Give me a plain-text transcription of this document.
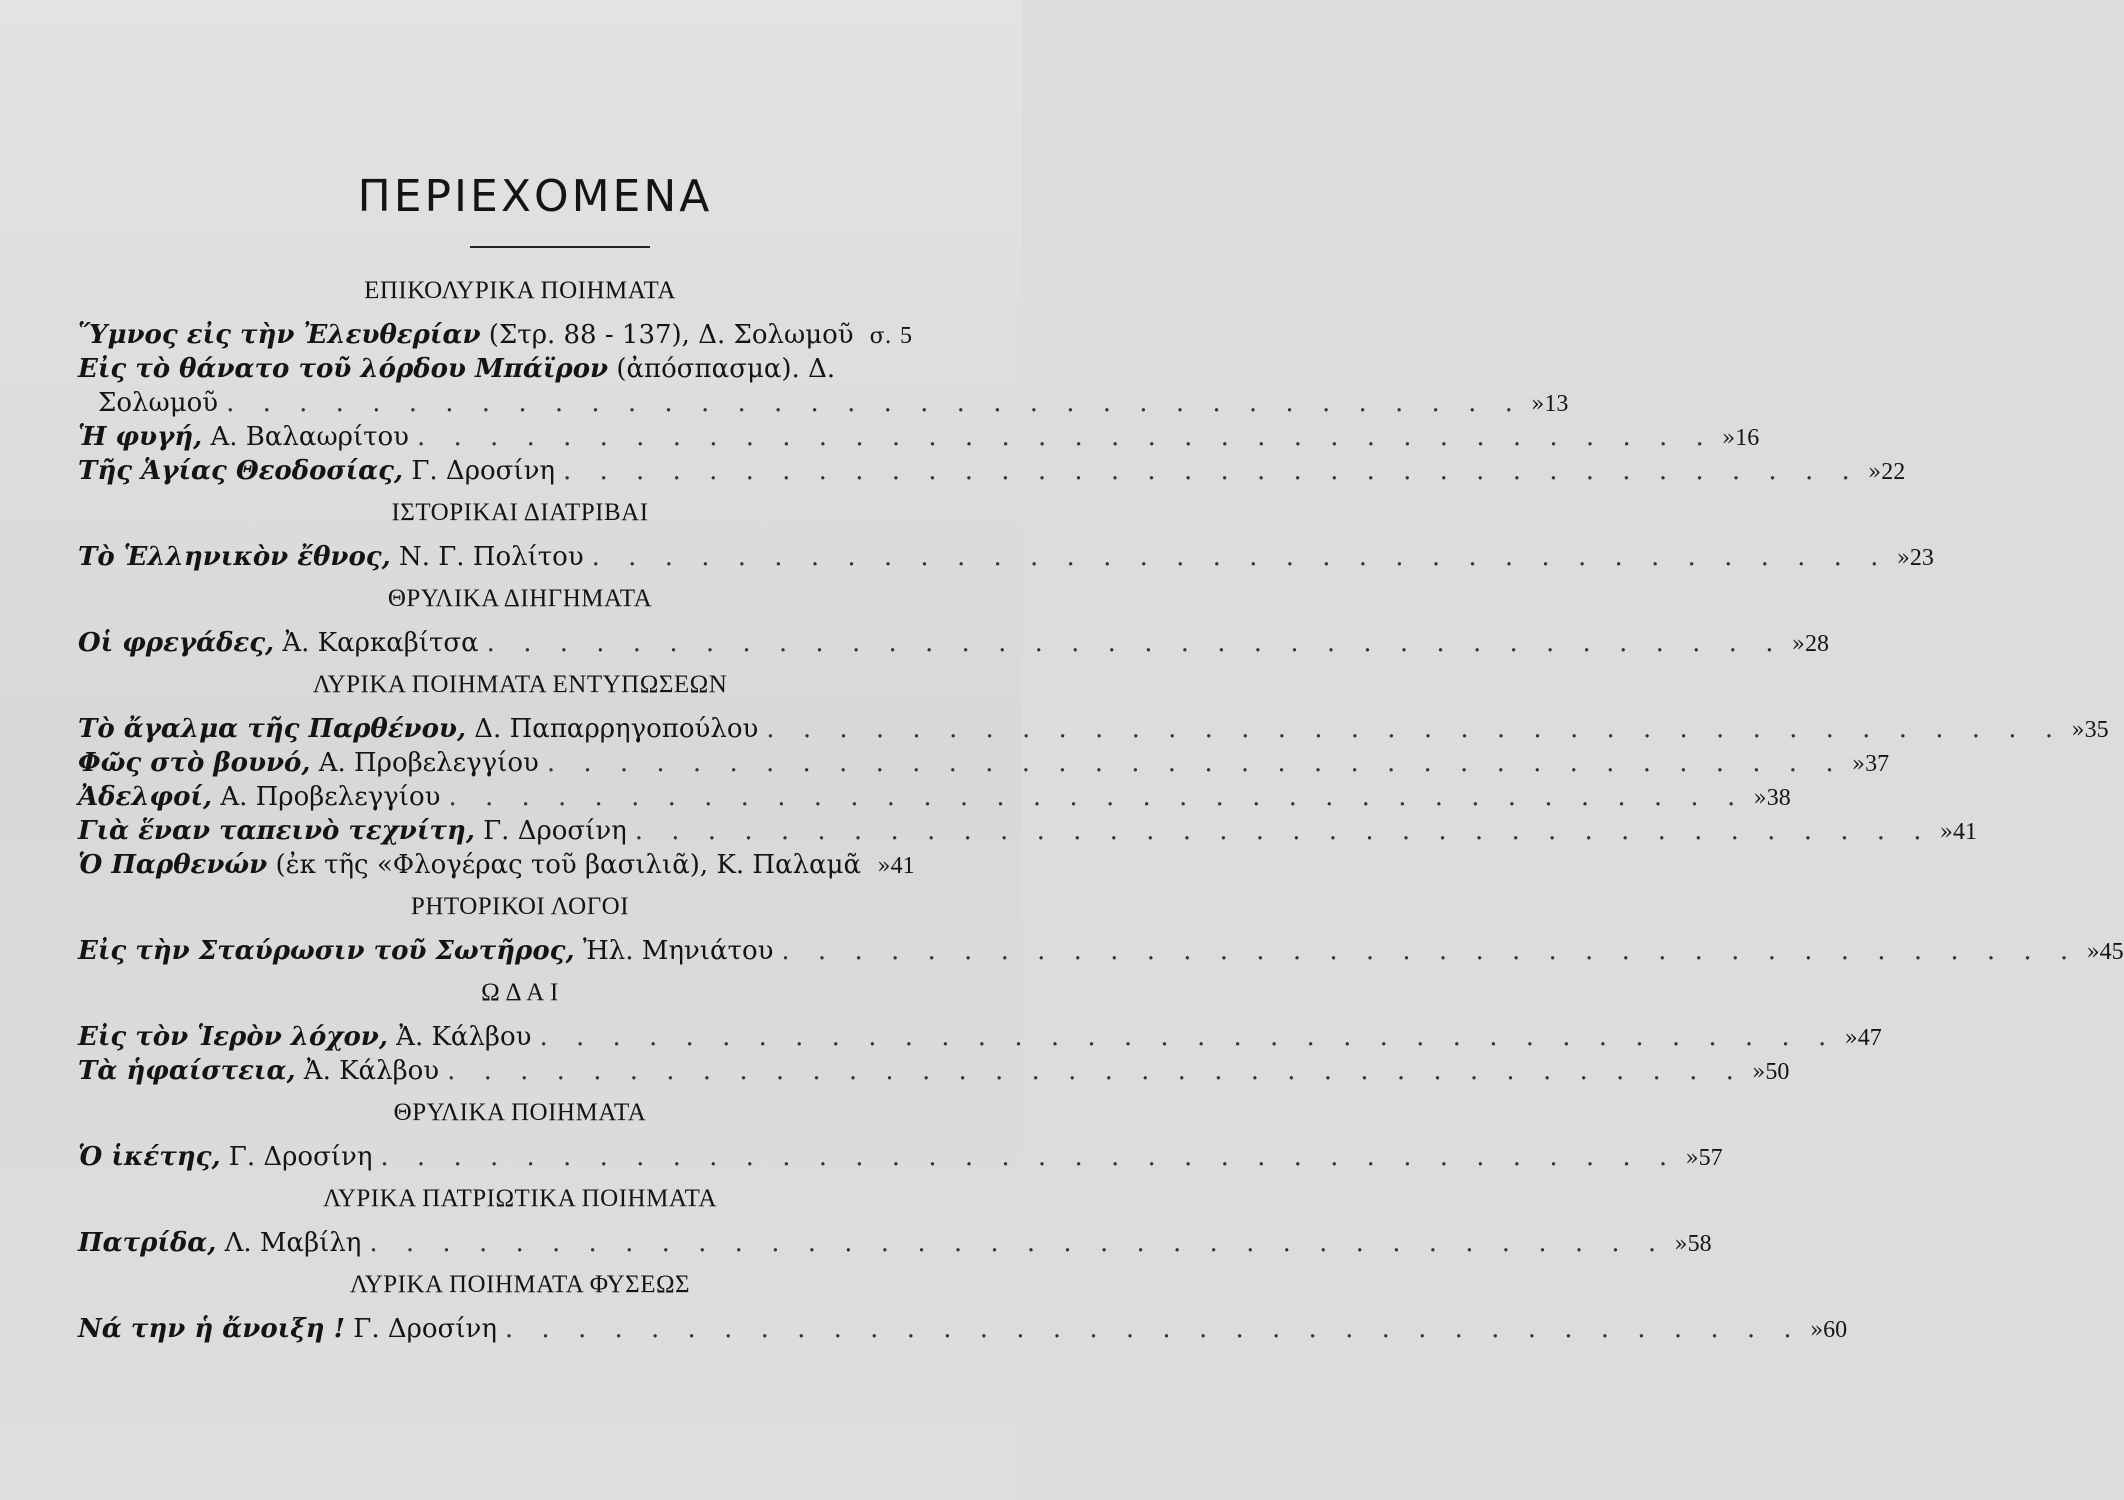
ΠΕΡΙΕΧΟΜΕΝΑ
ΕΠΙΚΟΛΥΡΙΚΑ ΠΟΙΗΜΑΤΑ
Ὕμνος εἰς τὴν Ἐλευθερίαν (Στρ. 88 - 137), Δ. Σολωμοῦ σ. 5
Εἰς τὸ θάνατο τοῦ λόρδου Μπάϊρον (ἀπόσπασμα). Δ.
Σολωμοῦ . . . . . . . . . . . . . . . . . . . . . . . . . . . . . . . . . . . . » 13
Ἡ φυγή, Α. Βαλαωρίτου . . . . . . . . . . . . . . . . . . . . . . . . . . . . . . . . . . . . » 16
Τῆς Ἁγίας Θεοδοσίας, Γ. Δροσίνη . . . . . . . . . . . . . . . . . . . . . . . . . . . . . . . . . . . . » 22
ΙΣΤΟΡΙΚΑΙ ΔΙΑΤΡΙΒΑΙ
Τὸ Ἑλληνικὸν ἔθνος, Ν. Γ. Πολίτου . . . . . . . . . . . . . . . . . . . . . . . . . . . . . . . . . . . . » 23
ΘΡΥΛΙΚΑ ΔΙΗΓΗΜΑΤΑ
Οἱ φρεγάδες, Ἀ. Καρκαβίτσα . . . . . . . . . . . . . . . . . . . . . . . . . . . . . . . . . . . . » 28
ΛΥΡΙΚΑ ΠΟΙΗΜΑΤΑ ΕΝΤΥΠΩΣΕΩΝ
Τὸ ἄγαλμα τῆς Παρθένου, Δ. Παπαρρηγοπούλου . . . . . . . . . . . . . . . . . . . . . . . . . . . . . . . . . . . . » 35
Φῶς στὸ βουνό, Α. Προβελεγγίου . . . . . . . . . . . . . . . . . . . . . . . . . . . . . . . . . . . . » 37
Ἀδελφοί, Α. Προβελεγγίου . . . . . . . . . . . . . . . . . . . . . . . . . . . . . . . . . . . . » 38
Γιὰ ἕναν ταπεινὸ τεχνίτη, Γ. Δροσίνη . . . . . . . . . . . . . . . . . . . . . . . . . . . . . . . . . . . . » 41
Ὁ Παρθενών (ἐκ τῆς «Φλογέρας τοῦ βασιλιᾶ), Κ. Παλαμᾶ » 41
ΡΗΤΟΡΙΚΟΙ ΛΟΓΟΙ
Εἰς τὴν Σταύρωσιν τοῦ Σωτῆρος, Ἠλ. Μηνιάτου . . . . . . . . . . . . . . . . . . . . . . . . . . . . . . . . . . . . » 45
Ω Δ Α Ι
Εἰς τὸν Ἱερὸν λόχον, Ἀ. Κάλβου . . . . . . . . . . . . . . . . . . . . . . . . . . . . . . . . . . . . » 47
Τὰ ἡφαίστεια, Ἀ. Κάλβου . . . . . . . . . . . . . . . . . . . . . . . . . . . . . . . . . . . . » 50
ΘΡΥΛΙΚΑ ΠΟΙΗΜΑΤΑ
Ὁ ἱκέτης, Γ. Δροσίνη . . . . . . . . . . . . . . . . . . . . . . . . . . . . . . . . . . . . » 57
ΛΥΡΙΚΑ ΠΑΤΡΙΩΤΙΚΑ ΠΟΙΗΜΑΤΑ
Πατρίδα, Λ. Μαβίλη . . . . . . . . . . . . . . . . . . . . . . . . . . . . . . . . . . . . » 58
ΛΥΡΙΚΑ ΠΟΙΗΜΑΤΑ ΦΥΣΕΩΣ
Νά την ἡ ἄνοιξη ! Γ. Δροσίνη . . . . . . . . . . . . . . . . . . . . . . . . . . . . . . . . . . . . » 60
